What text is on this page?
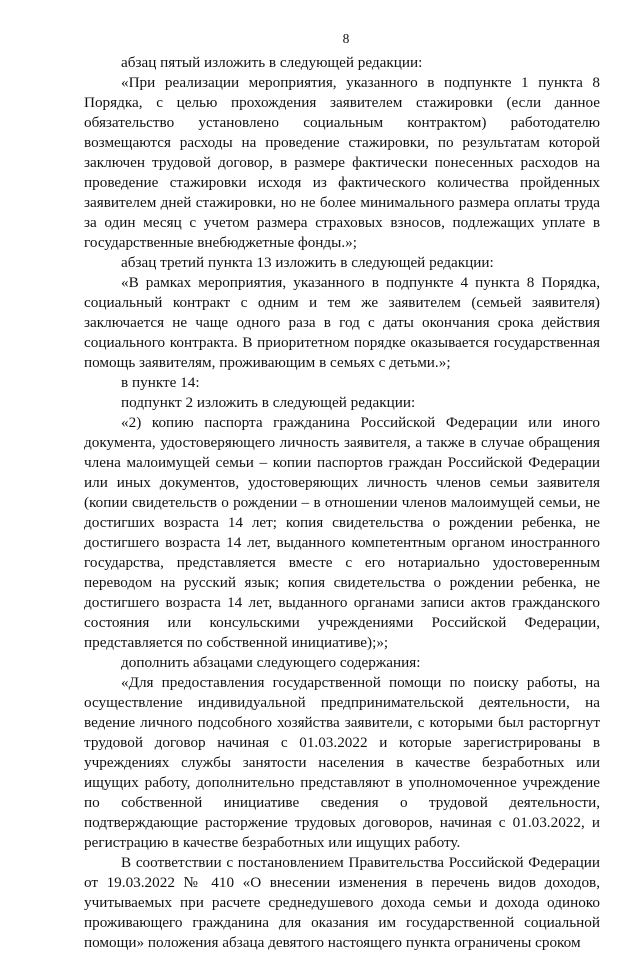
8

абзац пятый изложить в следующей редакции:

«При реализации мероприятия, указанного в подпункте 1 пункта 8 Порядка, с целью прохождения заявителем стажировки (если данное обязательство установлено социальным контрактом) работодателю возмещаются расходы на проведение стажировки, по результатам которой заключен трудовой договор, в размере фактически понесенных расходов на проведение стажировки исходя из фактического количества пройденных заявителем дней стажировки, но не более минимального размера оплаты труда за один месяц с учетом размера страховых взносов, подлежащих уплате в государственные внебюджетные фонды.»;

абзац третий пункта 13 изложить в следующей редакции:

«В рамках мероприятия, указанного в подпункте 4 пункта 8 Порядка, социальный контракт с одним и тем же заявителем (семьей заявителя) заключается не чаще одного раза в год с даты окончания срока действия социального контракта. В приоритетном порядке оказывается государственная помощь заявителям, проживающим в семьях с детьми.»;

в пункте 14:

подпункт 2 изложить в следующей редакции:

«2) копию паспорта гражданина Российской Федерации или иного документа, удостоверяющего личность заявителя, а также в случае обращения члена малоимущей семьи – копии паспортов граждан Российской Федерации или иных документов, удостоверяющих личность членов семьи заявителя (копии свидетельств о рождении – в отношении членов малоимущей семьи, не достигших возраста 14 лет; копия свидетельства о рождении ребенка, не достигшего возраста 14 лет, выданного компетентным органом иностранного государства, представляется вместе с его нотариально удостоверенным переводом на русский язык; копия свидетельства о рождении ребенка, не достигшего возраста 14 лет, выданного органами записи актов гражданского состояния или консульскими учреждениями Российской Федерации, представляется по собственной инициативе);»;

дополнить абзацами следующего содержания:

«Для предоставления государственной помощи по поиску работы, на осуществление индивидуальной предпринимательской деятельности, на ведение личного подсобного хозяйства заявители, с которыми был расторгнут трудовой договор начиная с 01.03.2022 и которые зарегистрированы в учреждениях службы занятости населения в качестве безработных или ищущих работу, дополнительно представляют в уполномоченное учреждение по собственной инициативе сведения о трудовой деятельности, подтверждающие расторжение трудовых договоров, начиная с 01.03.2022, и регистрацию в качестве безработных или ищущих работу.

В соответствии с постановлением Правительства Российской Федерации от 19.03.2022 № 410 «О внесении изменения в перечень видов доходов, учитываемых при расчете среднедушевого дохода семьи и дохода одиноко проживающего гражданина для оказания им государственной социальной помощи» положения абзаца девятого настоящего пункта ограничены сроком
